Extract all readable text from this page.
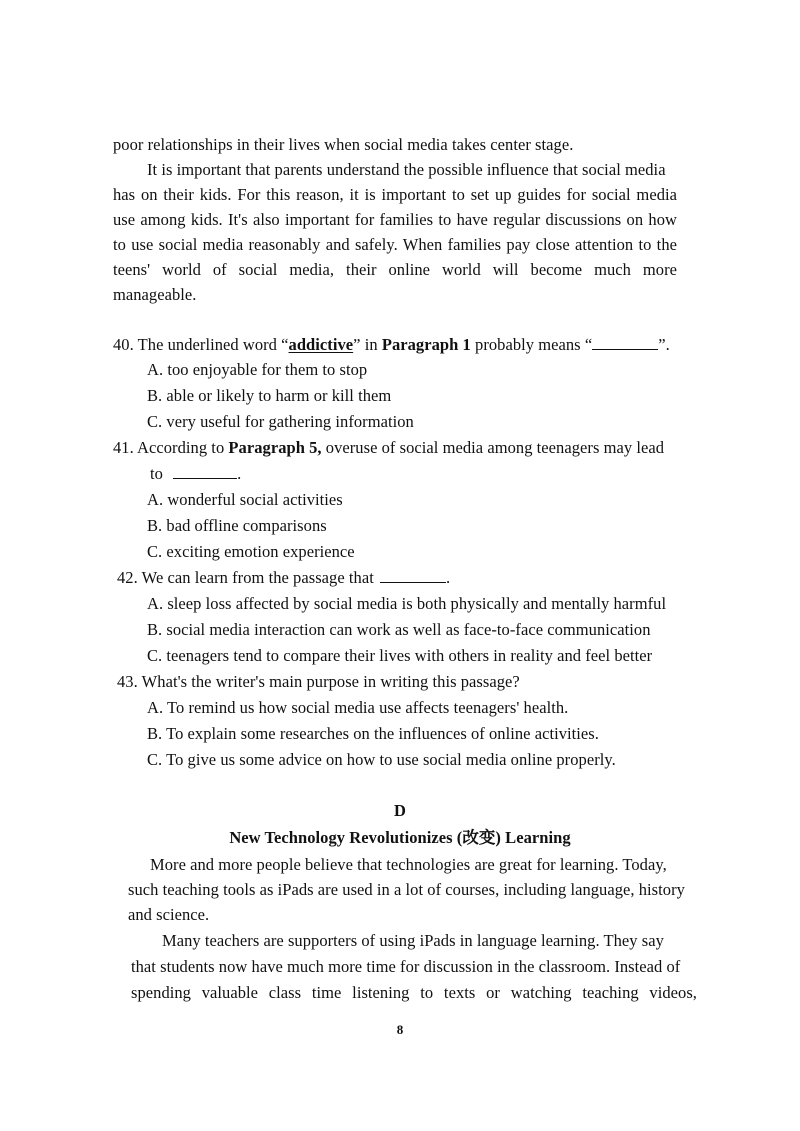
poor relationships in their lives when social media takes center stage.
It is important that parents understand the possible influence that social media
has on their kids. For this reason, it is important to set up guides for social media
use among kids. It's also important for families to have regular discussions on how
to use social media reasonably and safely. When families pay close attention to the
teens' world of social media, their online world will become much more
manageable.
40. The underlined word “addictive” in Paragraph 1 probably means “	”.
A. too enjoyable for them to stop
B. able or likely to harm or kill them
C. very useful for gathering information
41. According to Paragraph 5, overuse of social media among teenagers may lead
to	.
A. wonderful social activities
B. bad offline comparisons
C. exciting emotion experience
42. We can learn from the passage that	.
A. sleep loss affected by social media is both physically and mentally harmful
B. social media interaction can work as well as face-to-face communication
C. teenagers tend to compare their lives with others in reality and feel better
43. What's the writer's main purpose in writing this passage?
A. To remind us how social media use affects teenagers' health.
B. To explain some researches on the influences of online activities.
C. To give us some advice on how to use social media online properly.
D
New Technology Revolutionizes (改变) Learning
More and more people believe that technologies are great for learning. Today,
such teaching tools as iPads are used in a lot of courses, including language, history
and science.
Many teachers are supporters of using iPads in language learning. They say
that students now have much more time for discussion in the classroom. Instead of
spending valuable class time listening to texts or watching teaching videos,
8
